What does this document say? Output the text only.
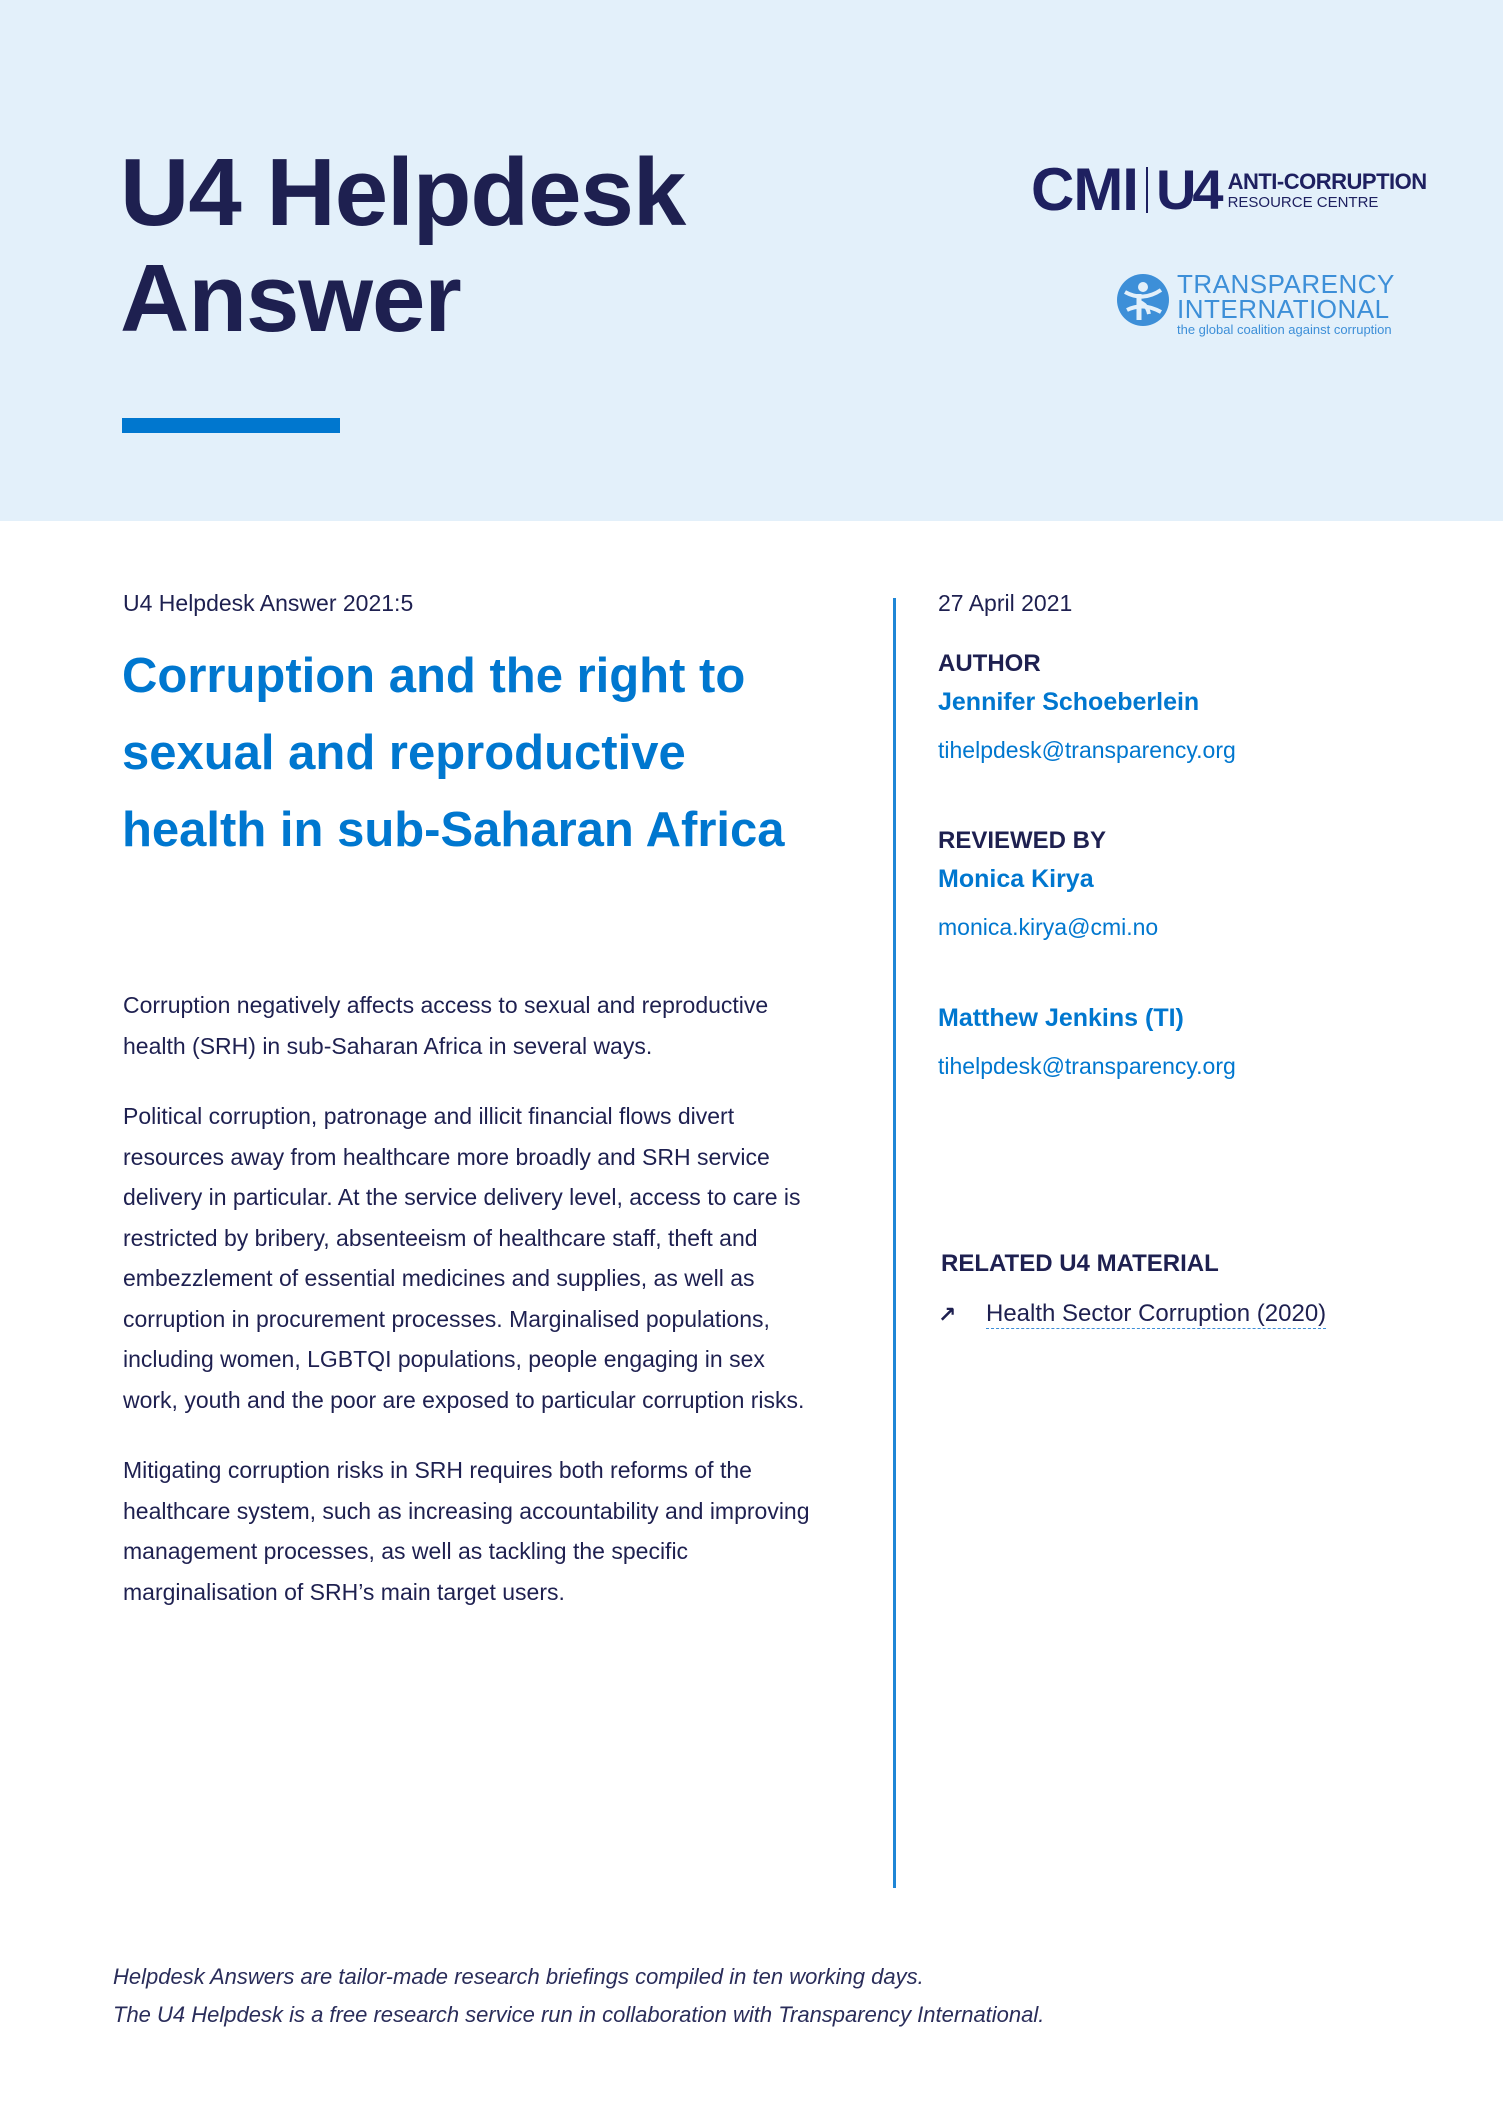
U4 Helpdesk
Answer
CMI U4 ANTI-CORRUPTION
RESOURCE CENTRE
TRANSPARENCY
INTERNATIONAL
the global coalition against corruption
U4 Helpdesk Answer 2021:5
Corruption and the right to sexual and reproductive health in sub-Saharan Africa

Corruption negatively affects access to sexual and reproductive health (SRH) in sub-Saharan Africa in several ways.

Political corruption, patronage and illicit financial flows divert resources away from healthcare more broadly and SRH service delivery in particular. At the service delivery level, access to care is restricted by bribery, absenteeism of healthcare staff, theft and embezzlement of essential medicines and supplies, as well as corruption in procurement processes. Marginalised populations, including women, LGBTQI populations, people engaging in sex work, youth and the poor are exposed to particular corruption risks.

Mitigating corruption risks in SRH requires both reforms of the healthcare system, such as increasing accountability and improving management processes, as well as tackling the specific marginalisation of SRH’s main target users.

27 April 2021
AUTHOR
Jennifer Schoeberlein
tihelpdesk@transparency.org
REVIEWED BY
Monica Kirya
monica.kirya@cmi.no
Matthew Jenkins (TI)
tihelpdesk@transparency.org
RELATED U4 MATERIAL
↗	Health Sector Corruption (2020)
Helpdesk Answers are tailor-made research briefings compiled in ten working days.
The U4 Helpdesk is a free research service run in collaboration with Transparency International.
